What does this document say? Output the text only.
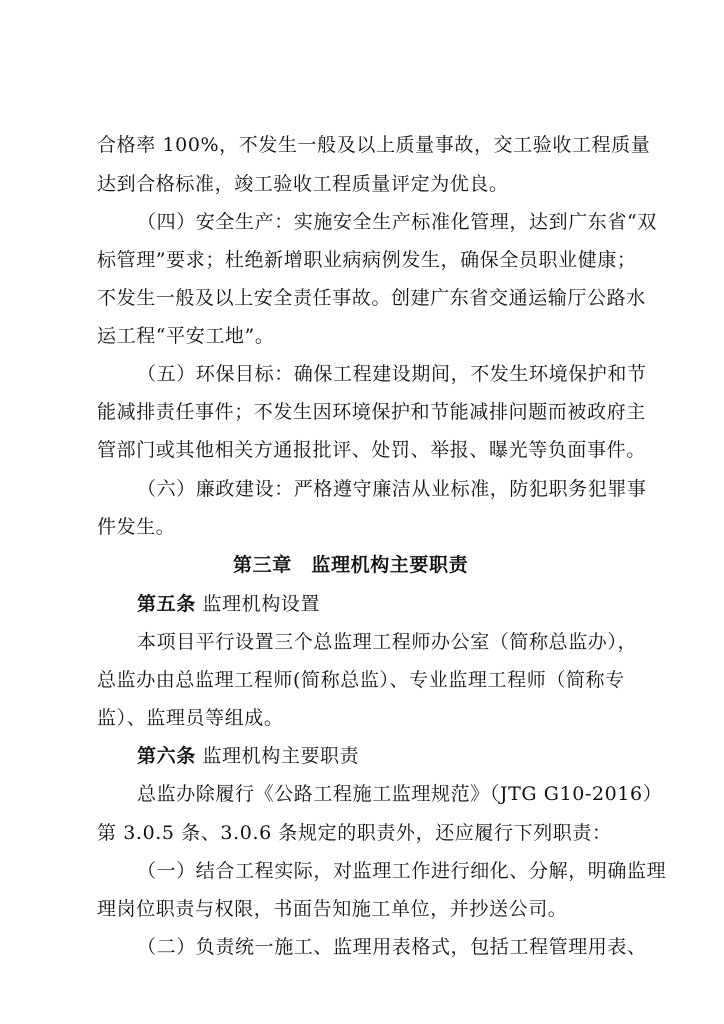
合格率 100%，不发生一般及以上质量事故，交工验收工程质量
达到合格标准，竣工验收工程质量评定为优良。
（四）安全生产：实施安全生产标准化管理，达到广东省“双
标管理”要求；杜绝新增职业病病例发生，确保全员职业健康；
不发生一般及以上安全责任事故。创建广东省交通运输厅公路水
运工程“平安工地”。
（五）环保目标：确保工程建设期间，不发生环境保护和节
能减排责任事件；不发生因环境保护和节能减排问题而被政府主
管部门或其他相关方通报批评、处罚、举报、曝光等负面事件。
（六）廉政建设：严格遵守廉洁从业标准，防犯职务犯罪事
件发生。
第三章　监理机构主要职责
第五条 监理机构设置
本项目平行设置三个总监理工程师办公室（简称总监办），
总监办由总监理工程师(简称总监）、专业监理工程师（简称专
监）、监理员等组成。
第六条 监理机构主要职责
总监办除履行《公路工程施工监理规范》（JTG G10-2016）
第 3.0.5 条、3.0.6 条规定的职责外，还应履行下列职责：
（一）结合工程实际，对监理工作进行细化、分解，明确监理
理岗位职责与权限，书面告知施工单位，并抄送公司。
（二）负责统一施工、监理用表格式，包括工程管理用表、
